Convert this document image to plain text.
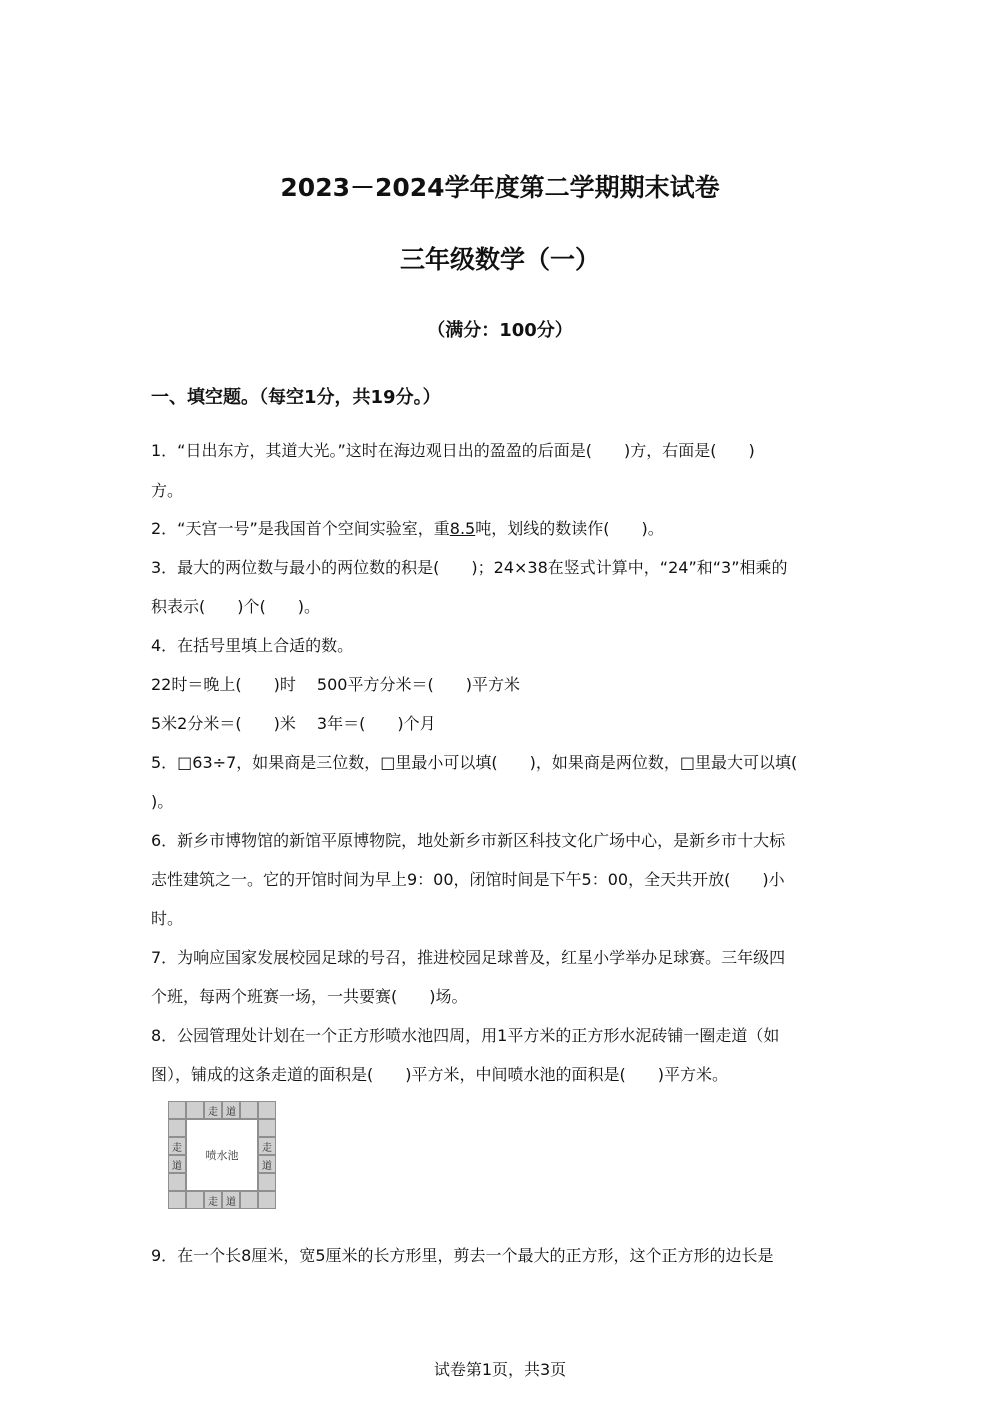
2023－2024学年度第二学期期末试卷
三年级数学（一）
（满分：100分）
一、填空题。（每空1分，共19分。）
1．“日出东方，其道大光。”这时在海边观日出的盈盈的后面是(　　)方，右面是(　　)
方。
2．“天宫一号”是我国首个空间实验室，重8.5吨，划线的数读作(　　)。
3．最大的两位数与最小的两位数的积是(　　)；24×38在竖式计算中，“24”和“3”相乘的
积表示(　　)个(　　)。
4．在括号里填上合适的数。
22时＝晚上(　　)时　 500平方分米＝(　　)平方米
5米2分米＝(　　)米　 3年＝(　　)个月
5．□63÷7，如果商是三位数，□里最小可以填(　　)，如果商是两位数，□里最大可以填(
)。
6．新乡市博物馆的新馆平原博物院，地处新乡市新区科技文化广场中心，是新乡市十大标
志性建筑之一。它的开馆时间为早上9：00，闭馆时间是下午5：00，全天共开放(　　)小
时。
7．为响应国家发展校园足球的号召，推进校园足球普及，红星小学举办足球赛。三年级四
个班，每两个班赛一场，一共要赛(　　)场。
8．公园管理处计划在一个正方形喷水池四周，用1平方米的正方形水泥砖铺一圈走道（如
图），铺成的这条走道的面积是(　　)平方米，中间喷水池的面积是(　　)平方米。
喷水池
走 道
走	走
道	道
走 道
9．在一个长8厘米，宽5厘米的长方形里，剪去一个最大的正方形，这个正方形的边长是
试卷第1页，共3页
